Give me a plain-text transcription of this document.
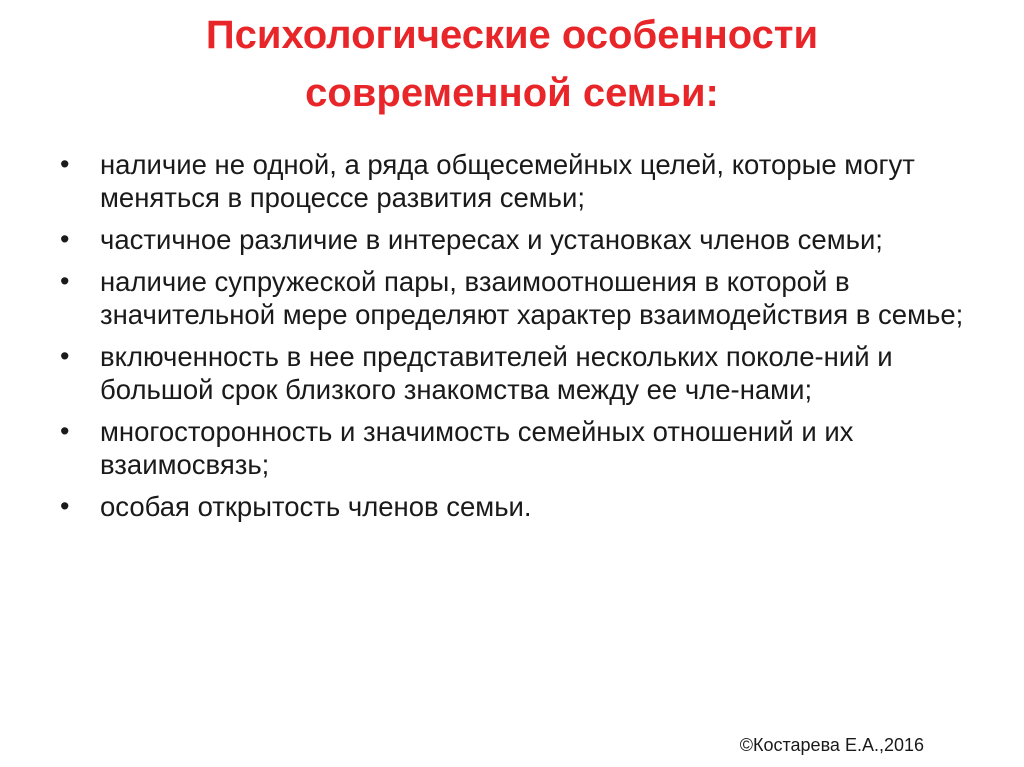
Психологические особенности
современной семьи:
•	наличие не одной, а ряда общесемейных целей, которые могут меняться в процессе развития семьи;
•	частичное различие в интересах и установках членов семьи;
•	наличие супружеской пары, взаимоотношения в которой в значительной мере определяют характер взаимодействия в семье;
•	включенность в нее представителей нескольких поколе-ний и большой срок близкого знакомства между ее чле-нами;
•	многосторонность и значимость семейных отношений и их взаимосвязь;
•	особая открытость членов семьи.
©Костарева Е.А.,2016
